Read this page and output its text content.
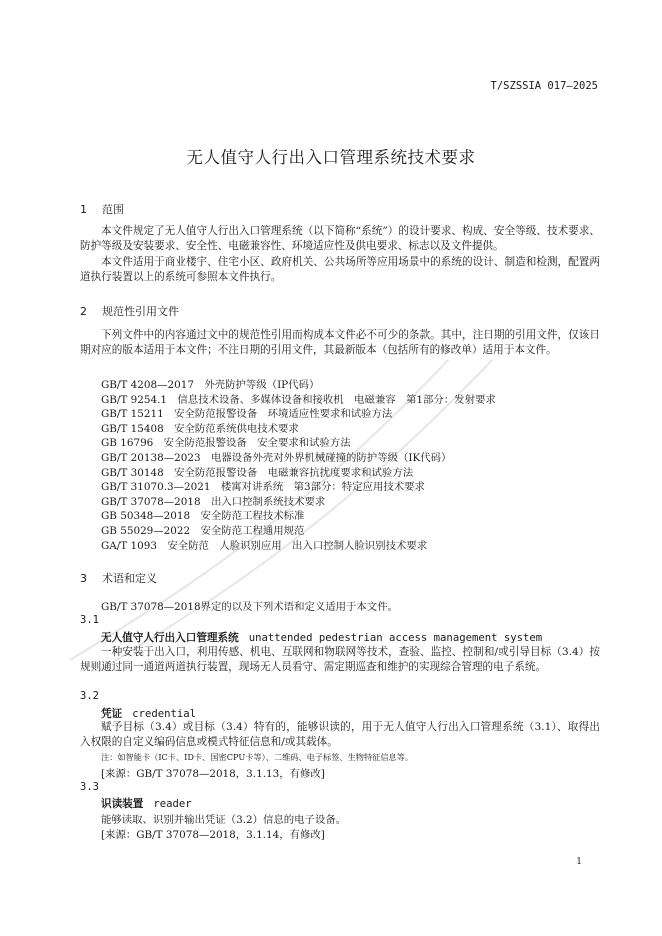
T/SZSSIA 017—2025
无人值守人行出入口管理系统技术要求
1 范围
本文件规定了无人值守人行出入口管理系统（以下简称“系统”）的设计要求、构成、安全等级、技术要求、防护等级及安装要求、安全性、电磁兼容性、环境适应性及供电要求、标志以及文件提供。
本文件适用于商业楼宇、住宅小区、政府机关、公共场所等应用场景中的系统的设计、制造和检测，配置两道执行装置以上的系统可参照本文件执行。
2 规范性引用文件
下列文件中的内容通过文中的规范性引用而构成本文件必不可少的条款。其中，注日期的引用文件，仅该日期对应的版本适用于本文件；不注日期的引用文件，其最新版本（包括所有的修改单）适用于本文件。
GB/T 4208—2017　外壳防护等级（IP代码）
GB/T 9254.1　信息技术设备、多媒体设备和接收机　电磁兼容　第1部分：发射要求
GB/T 15211　安全防范报警设备　环境适应性要求和试验方法
GB/T 15408　安全防范系统供电技术要求
GB 16796　安全防范报警设备　安全要求和试验方法
GB/T 20138—2023　电器设备外壳对外界机械碰撞的防护等级（IK代码）
GB/T 30148　安全防范报警设备　电磁兼容抗扰度要求和试验方法
GB/T 31070.3—2021　楼寓对讲系统　第3部分：特定应用技术要求
GB/T 37078—2018　出入口控制系统技术要求
GB 50348—2018　安全防范工程技术标准
GB 55029—2022　安全防范工程通用规范
GA/T 1093　安全防范　人脸识别应用　出入口控制人脸识别技术要求
3 术语和定义
GB/T 37078—2018界定的以及下列术语和定义适用于本文件。
3.1
无人值守人行出入口管理系统 unattended pedestrian access management system
一种安装于出入口，利用传感、机电、互联网和物联网等技术，查验、监控、控制和/或引导目标（3.4）按规则通过同一通道两道执行装置，现场无人员看守、需定期巡查和维护的实现综合管理的电子系统。
3.2
凭证 credential
赋予目标（3.4）或目标（3.4）特有的，能够识读的，用于无人值守人行出入口管理系统（3.1）、取得出入权限的自定义编码信息或模式特征信息和/或其载体。
注：如智能卡（IC卡、ID卡、国密CPU卡等）、二维码、电子标签、生物特征信息等。
[来源：GB/T 37078—2018，3.1.13，有修改]
3.3
识读装置 reader
能够读取、识别并输出凭证（3.2）信息的电子设备。
[来源：GB/T 37078—2018，3.1.14，有修改]
1
